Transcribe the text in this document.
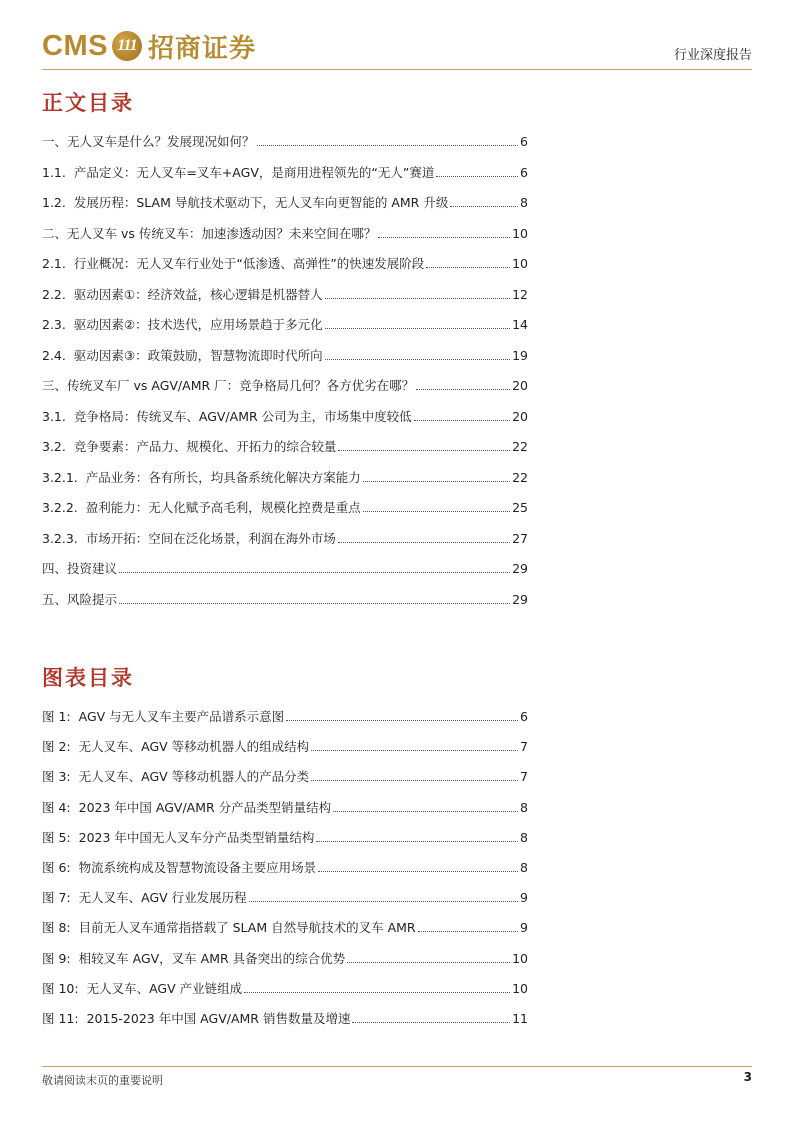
CMS 111 招商证券	行业深度报告
正文目录
一、无人叉车是什么？发展现况如何？	6
1.1. 产品定义：无人叉车=叉车+AGV，是商用进程领先的“无人”赛道	6
1.2. 发展历程：SLAM 导航技术驱动下，无人叉车向更智能的 AMR 升级	8
二、无人叉车 vs 传统叉车：加速渗透动因？未来空间在哪？	10
2.1. 行业概况：无人叉车行业处于“低渗透、高弹性”的快速发展阶段	10
2.2. 驱动因素①：经济效益，核心逻辑是机器替人	12
2.3. 驱动因素②：技术迭代，应用场景趋于多元化	14
2.4. 驱动因素③：政策鼓励，智慧物流即时代所向	19
三、传统叉车厂 vs AGV/AMR 厂：竞争格局几何？各方优劣在哪？	20
3.1. 竞争格局：传统叉车、AGV/AMR 公司为主，市场集中度较低	20
3.2. 竞争要素：产品力、规模化、开拓力的综合较量	22
3.2.1. 产品业务：各有所长，均具备系统化解决方案能力	22
3.2.2. 盈利能力：无人化赋予高毛利，规模化控费是重点	25
3.2.3. 市场开拓：空间在泛化场景，利润在海外市场	27
四、投资建议	29
五、风险提示	29
图表目录
图 1: AGV 与无人叉车主要产品谱系示意图	6
图 2: 无人叉车、AGV 等移动机器人的组成结构	7
图 3: 无人叉车、AGV 等移动机器人的产品分类	7
图 4: 2023 年中国 AGV/AMR 分产品类型销量结构	8
图 5: 2023 年中国无人叉车分产品类型销量结构	8
图 6: 物流系统构成及智慧物流设备主要应用场景	8
图 7: 无人叉车、AGV 行业发展历程	9
图 8: 目前无人叉车通常指搭载了 SLAM 自然导航技术的叉车 AMR	9
图 9: 相较叉车 AGV，叉车 AMR 具备突出的综合优势	10
图 10: 无人叉车、AGV 产业链组成	10
图 11: 2015-2023 年中国 AGV/AMR 销售数量及增速	11
敬请阅读末页的重要说明	3
